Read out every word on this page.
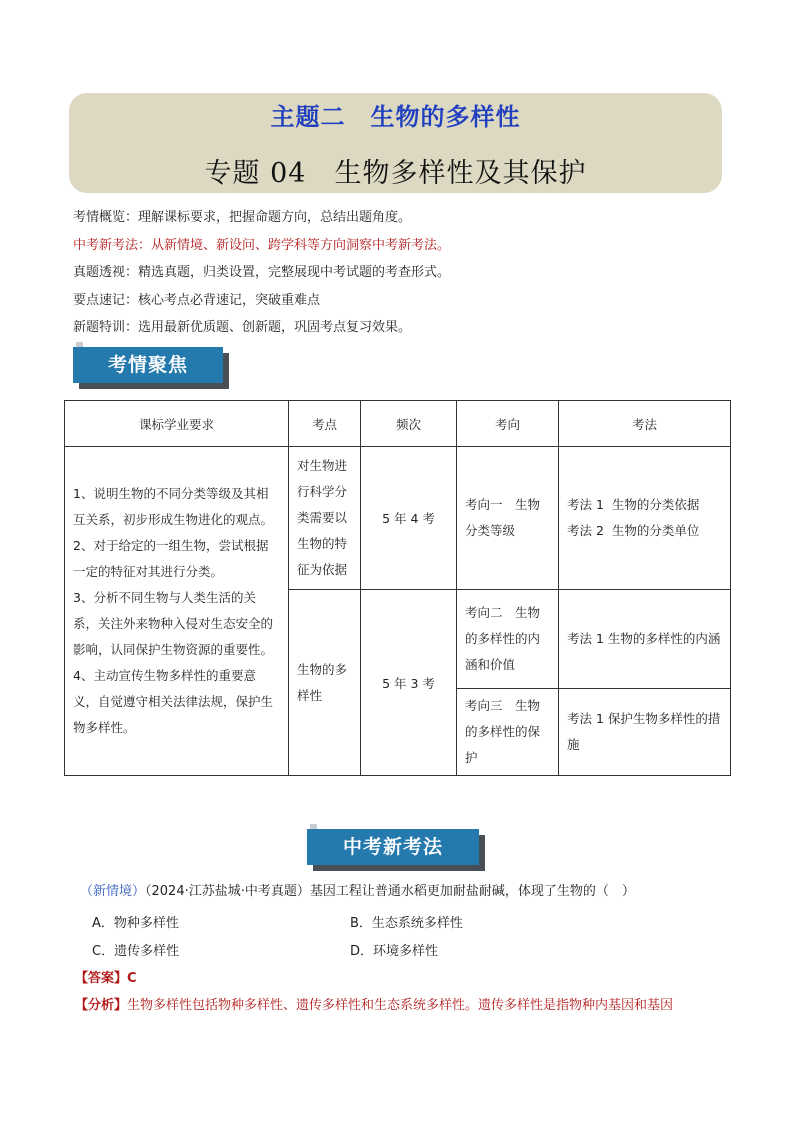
主题二　生物的多样性
专题 04　生物多样性及其保护
考情概览：理解课标要求，把握命题方向，总结出题角度。
中考新考法：从新情境、新设问、跨学科等方向洞察中考新考法。
真题透视：精选真题，归类设置，完整展现中考试题的考查形式。
要点速记：核心考点必背速记，突破重难点
新题特训：选用最新优质题、创新题，巩固考点复习效果。
考情聚焦
课标学业要求	考点	频次	考向	考法

1、说明生物的不同分类等级及其相互关系，初步形成生物进化的观点。
2、对于给定的一组生物，尝试根据一定的特征对其进行分类。
3、分析不同生物与人类生活的关系，关注外来物种入侵对生态安全的影响，认同保护生物资源的重要性。
4、主动宣传生物多样性的重要意义，自觉遵守相关法律法规，保护生物多样性。	对生物进行科学分类需要以生物的特征为依据	5 年 4 考	考向一　生物分类等级	考法 1  生物的分类依据
考法 2  生物的分类单位

	生物的多样性	5 年 3 考	考向二　生物的多样性的内涵和价值	考法 1 生物的多样性的内涵

			考向三　生物的多样性的保护	考法 1 保护生物多样性的措施
中考新考法
（新情境）（2024·江苏盐城·中考真题）基因工程让普通水稻更加耐盐耐碱，体现了生物的（　）
A．物种多样性	B．生态系统多样性
C．遗传多样性	D．环境多样性
【答案】C
【分析】生物多样性包括物种多样性、遗传多样性和生态系统多样性。遗传多样性是指物种内基因和基因
